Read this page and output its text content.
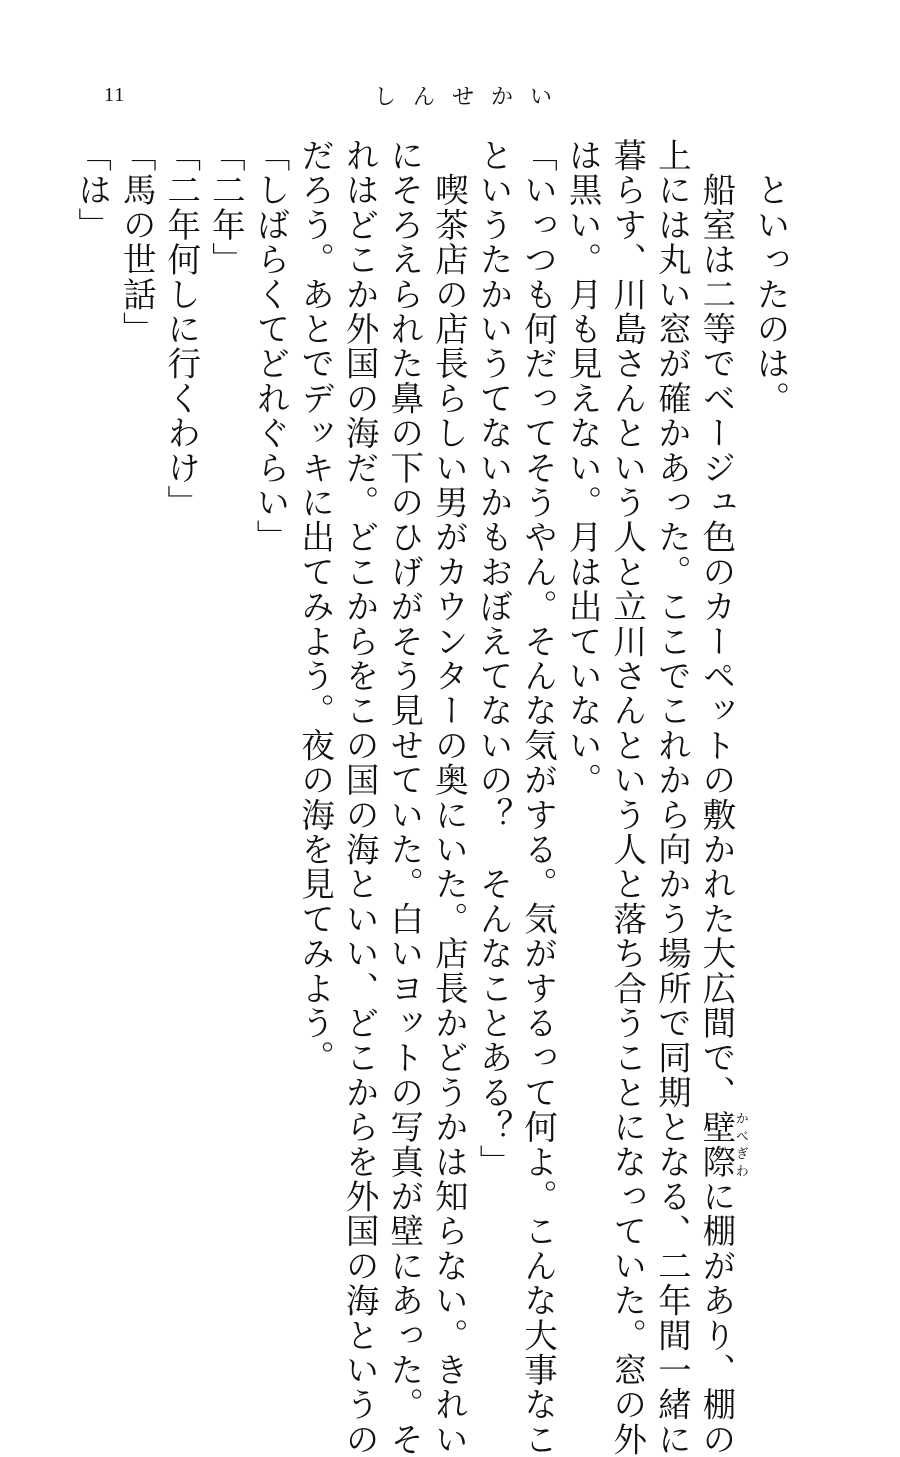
11	しんせかい
　といったのは。
　船室は二等でベージュ色のカーペットの敷かれた大広間で、壁際かべぎわに棚があり、棚の
上には丸い窓が確かあった。ここでこれから向かう場所で同期となる、二年間一緒に
暮らす、川島さんという人と立川さんという人と落ち合うことになっていた。窓の外
は黒い。月も見えない。月は出ていない。
「いっつも何だってそうやん。そんな気がする。気がするって何よ。こんな大事なこ
というたかいうてないかもおぼえてないの？　そんなことある？」
　喫茶店の店長らしい男がカウンターの奥にいた。店長かどうかは知らない。きれい
にそろえられた鼻の下のひげがそう見せていた。白いヨットの写真が壁にあった。そ
れはどこか外国の海だ。どこからをこの国の海といい、どこからを外国の海というの
だろう。あとでデッキに出てみよう。夜の海を見てみよう。
「しばらくてどれぐらい」
「二年」
「二年何しに行くわけ」
「馬の世話」
「は」
